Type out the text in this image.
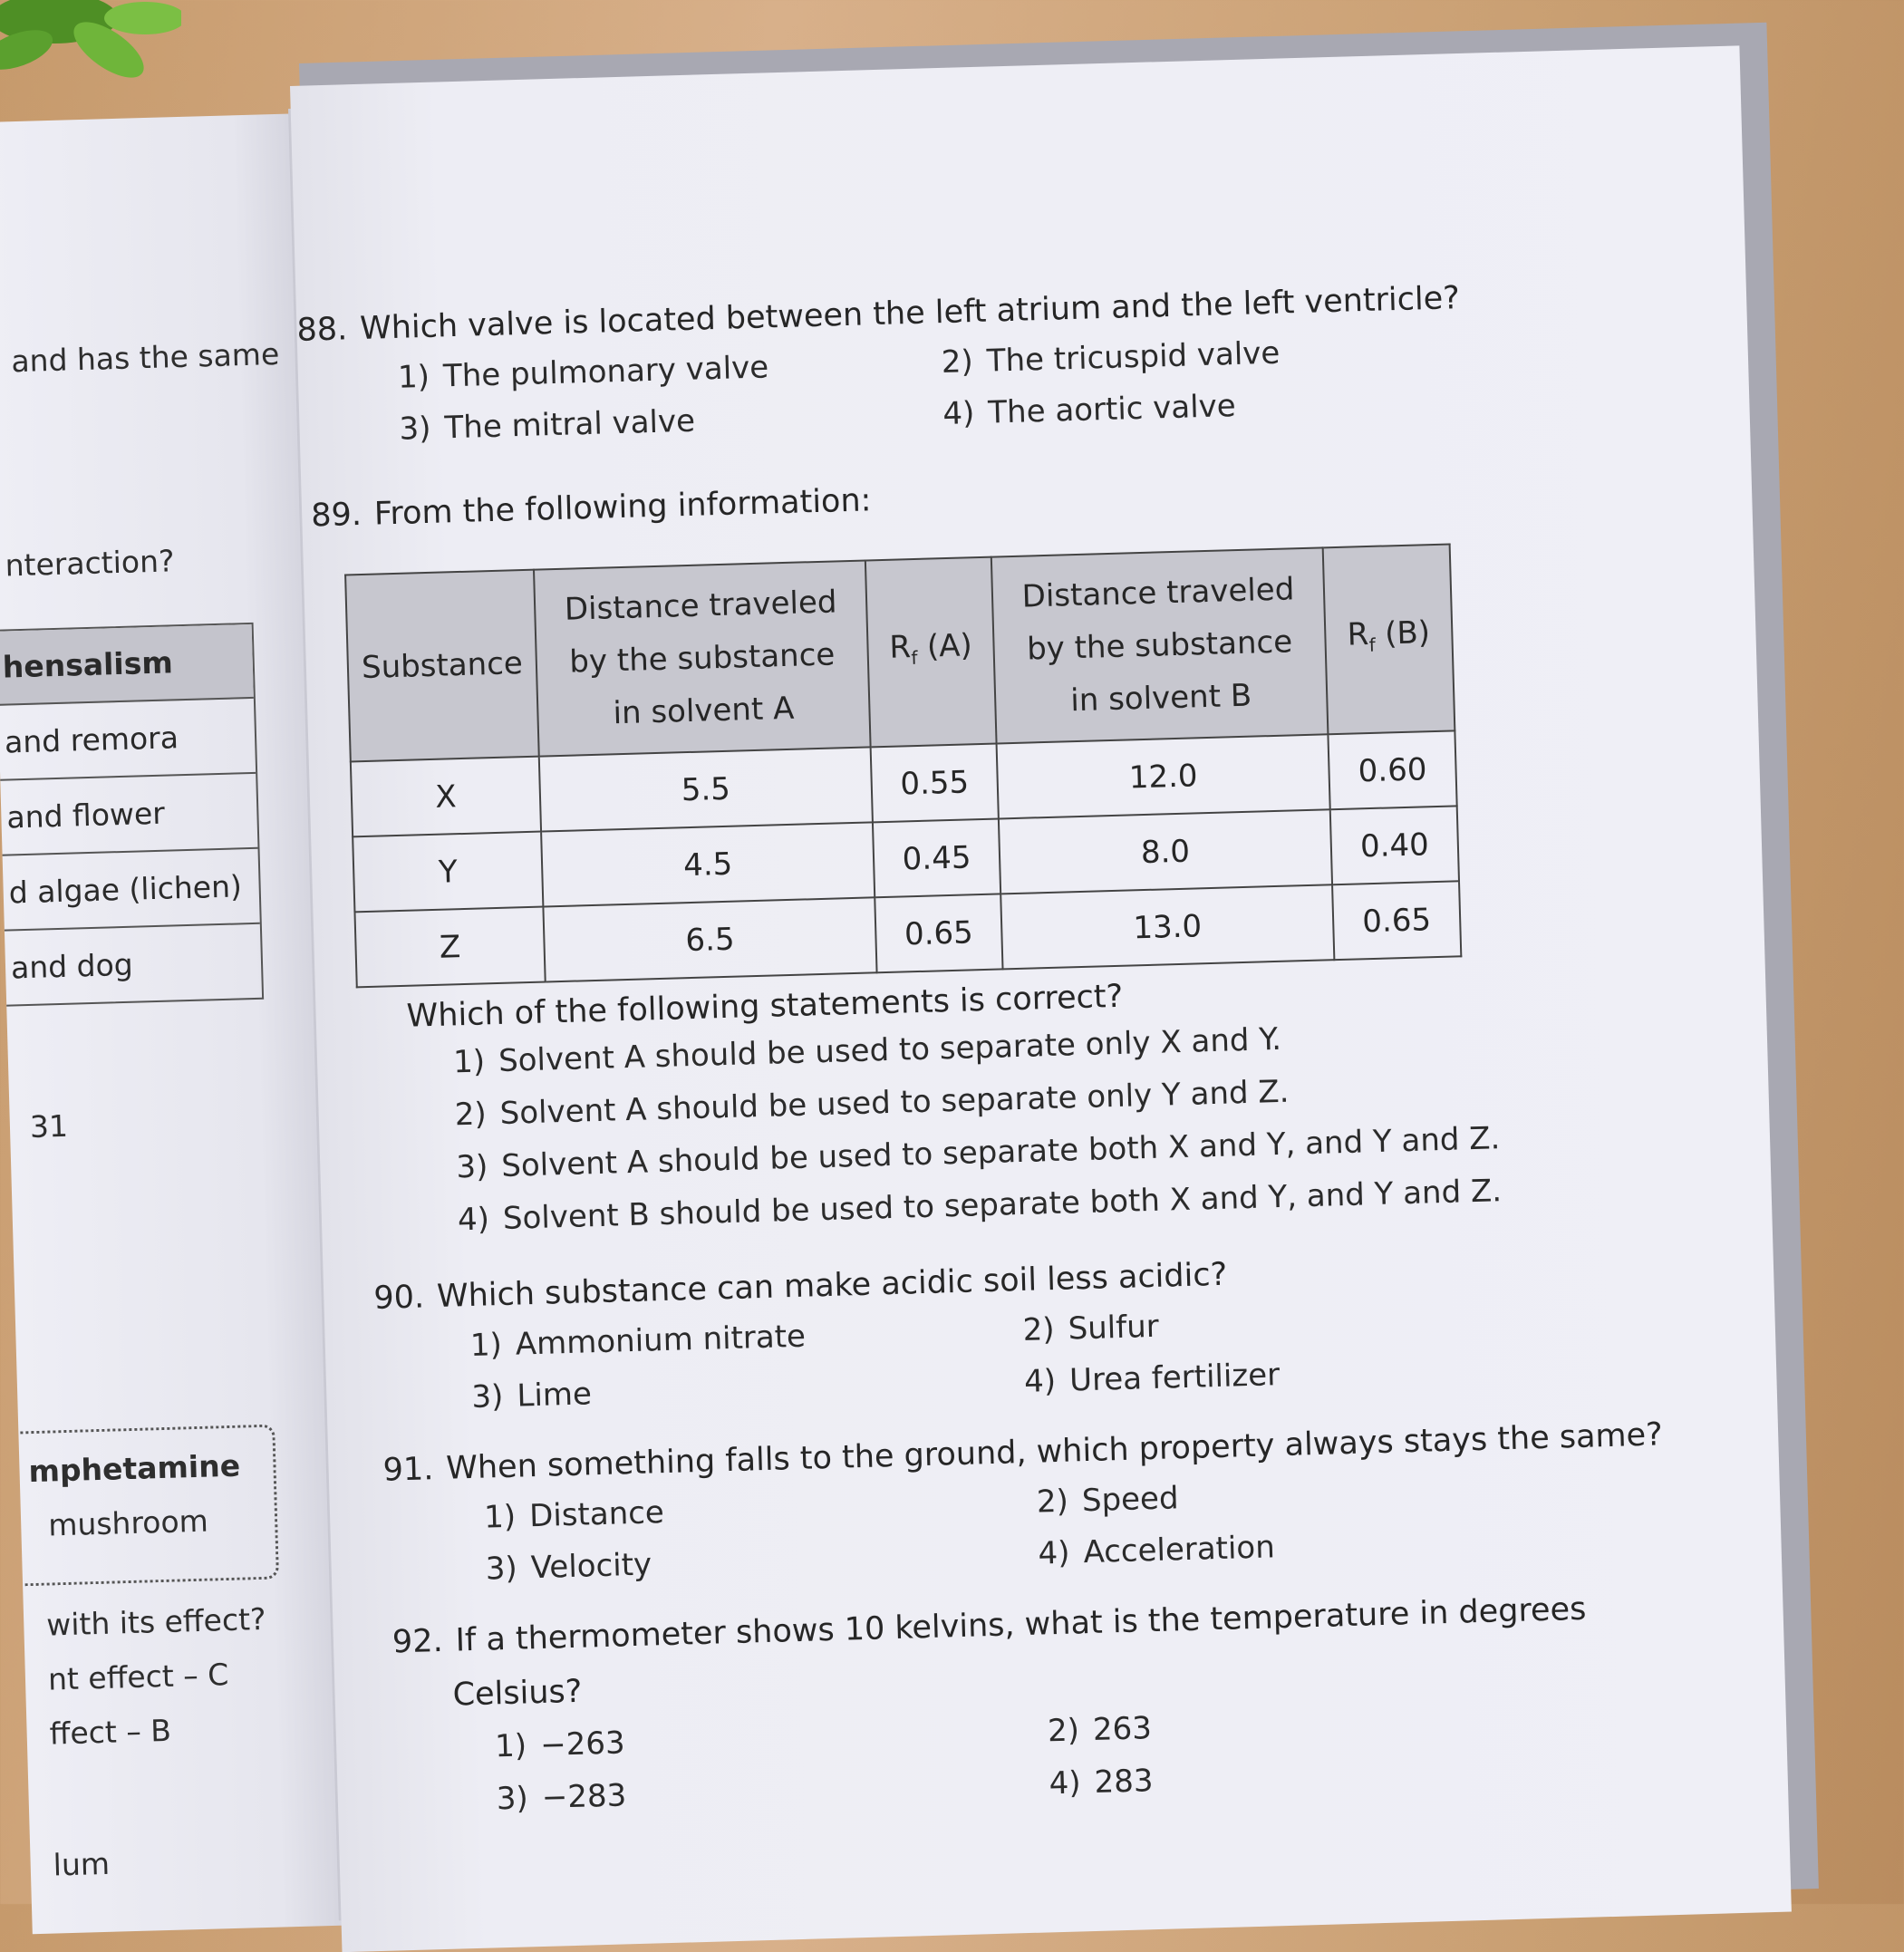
and has the same
nteraction?
hensalism
and remora
and flower
d algae (lichen)
and dog
31
mphetamine
mushroom
with its effect?
nt effect – C
ffect – B
lum
88. Which valve is located between the left atrium and the left ventricle?
1) The pulmonary valve	2) The tricuspid valve
3) The mitral valve	4) The aortic valve
89. From the following information:
Substance	Distance traveled
by the substance
in solvent A	$R_f$ (A)	Distance traveled
by the substance
in solvent B	$R_f$ (B)
X	5.5	0.55	12.0	0.60
Y	4.5	0.45	8.0	0.40
Z	6.5	0.65	13.0	0.65
Which of the following statements is correct?
1) Solvent A should be used to separate only X and Y.
2) Solvent A should be used to separate only Y and Z.
3) Solvent A should be used to separate both X and Y, and Y and Z.
4) Solvent B should be used to separate both X and Y, and Y and Z.
90. Which substance can make acidic soil less acidic?
1) Ammonium nitrate	2) Sulfur
3) Lime	4) Urea fertilizer
91. When something falls to the ground, which property always stays the same?
1) Distance	2) Speed
3) Velocity	4) Acceleration
92. If a thermometer shows 10 kelvins, what is the temperature in degrees
Celsius?
1) −263	2) 263
3) −283	4) 283
